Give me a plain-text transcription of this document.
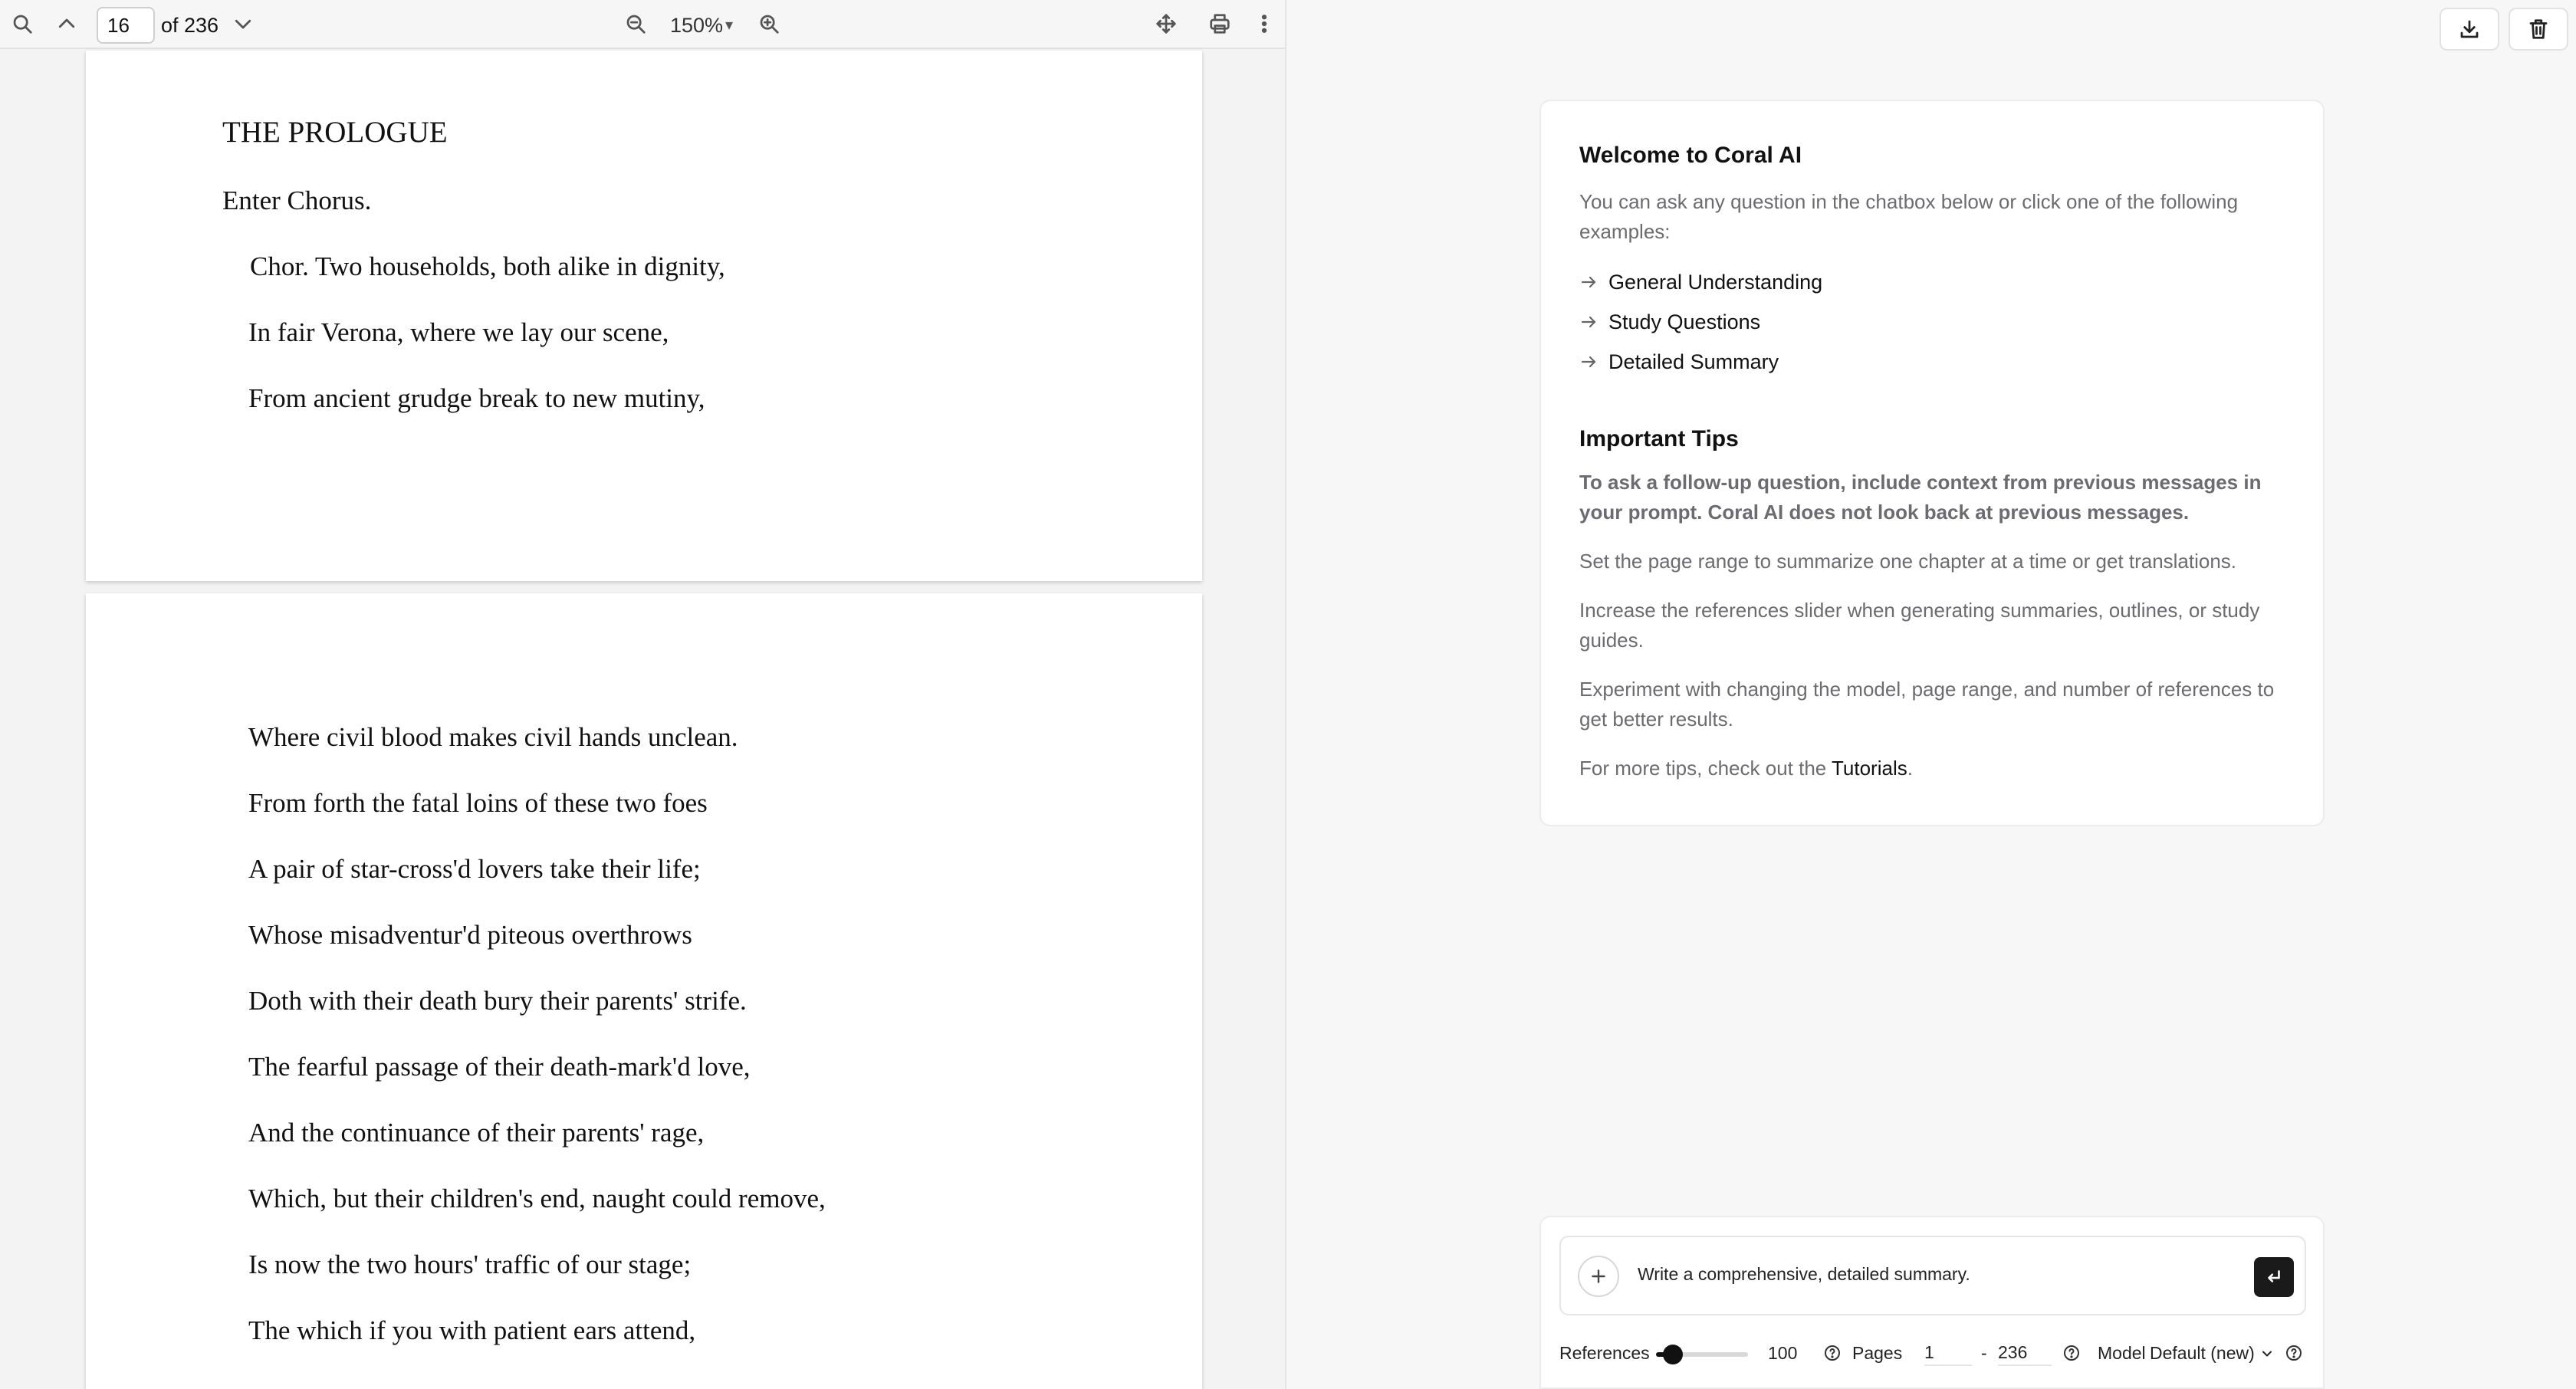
16
of 236	150% ▾
THE PROLOGUE
Enter Chorus.
Chor. Two households, both alike in dignity,
In fair Verona, where we lay our scene,
From ancient grudge break to new mutiny,
Where civil blood makes civil hands unclean.
From forth the fatal loins of these two foes
A pair of star-cross'd lovers take their life;
Whose misadventur'd piteous overthrows
Doth with their death bury their parents' strife.
The fearful passage of their death-mark'd love,
And the continuance of their parents' rage,
Which, but their children's end, naught could remove,
Is now the two hours' traffic of our stage;
The which if you with patient ears attend,
Welcome to Coral AI
You can ask any question in the chatbox below or click one of the following examples:
General Understanding
Study Questions
Detailed Summary
Important Tips
To ask a follow-up question, include context from previous messages in your prompt. Coral AI does not look back at previous messages.
Set the page range to summarize one chapter at a time or get translations.
Increase the references slider when generating summaries, outlines, or study guides.
Experiment with changing the model, page range, and number of references to get better results.
For more tips, check out the Tutorials.
Write a comprehensive, detailed summary.
References	100	Pages
1	-
236	Model Default (new)
